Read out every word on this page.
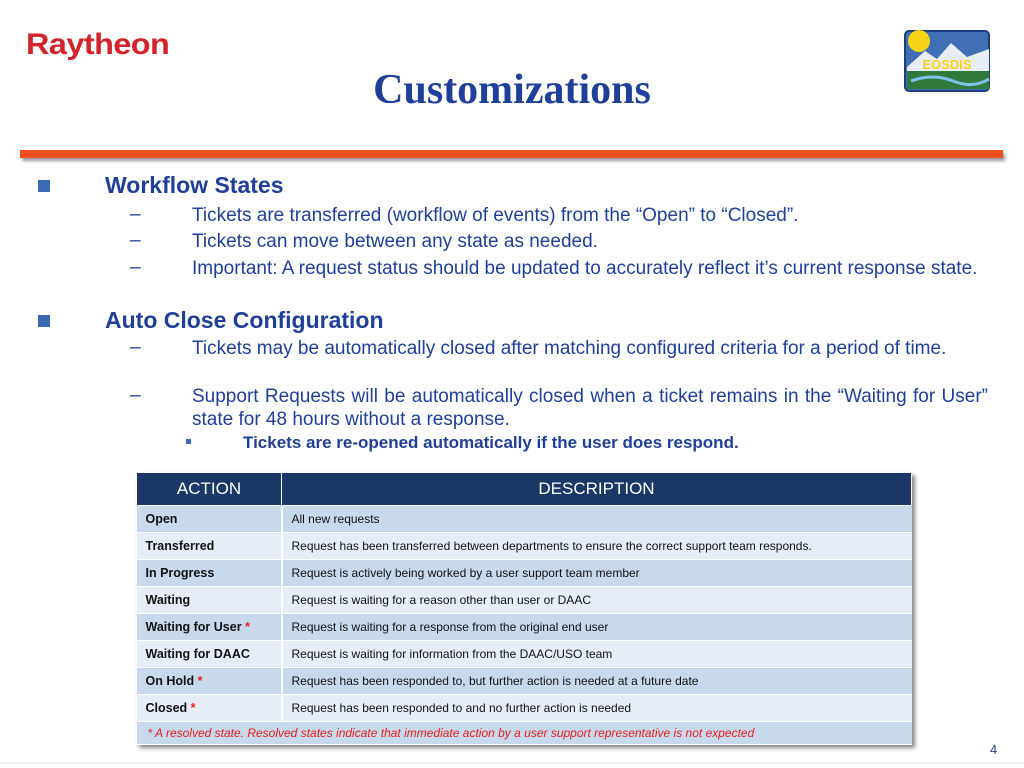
Raytheon
Customizations
EOSDIS
Workflow States
–	Tickets are transferred (workflow of events) from the “Open” to “Closed”.
–	Tickets can move between any state as needed.
–	Important: A request status should be updated to accurately reflect it’s current response state.
Auto Close Configuration
–	Tickets may be automatically closed after matching configured criteria for a period of time.
–	Support Requests will be automatically closed when a ticket remains in the “Waiting for User” state for 48 hours without a response.
Tickets are re-opened automatically if the user does respond.
ACTION	DESCRIPTION
Open	All new requests
Transferred	Request has been transferred between departments to ensure the correct support team responds.
In Progress	Request is actively being worked by a user support team member
Waiting	Request is waiting for a reason other than user or DAAC
Waiting for User *	Request is waiting for a response from the original end user
Waiting for DAAC	Request is waiting for information from the DAAC/USO team
On Hold *	Request has been responded to, but further action is needed at a future date
Closed *	Request has been responded to and no further action is needed
* A resolved state. Resolved states indicate that immediate action by a user support representative is not expected	
4
